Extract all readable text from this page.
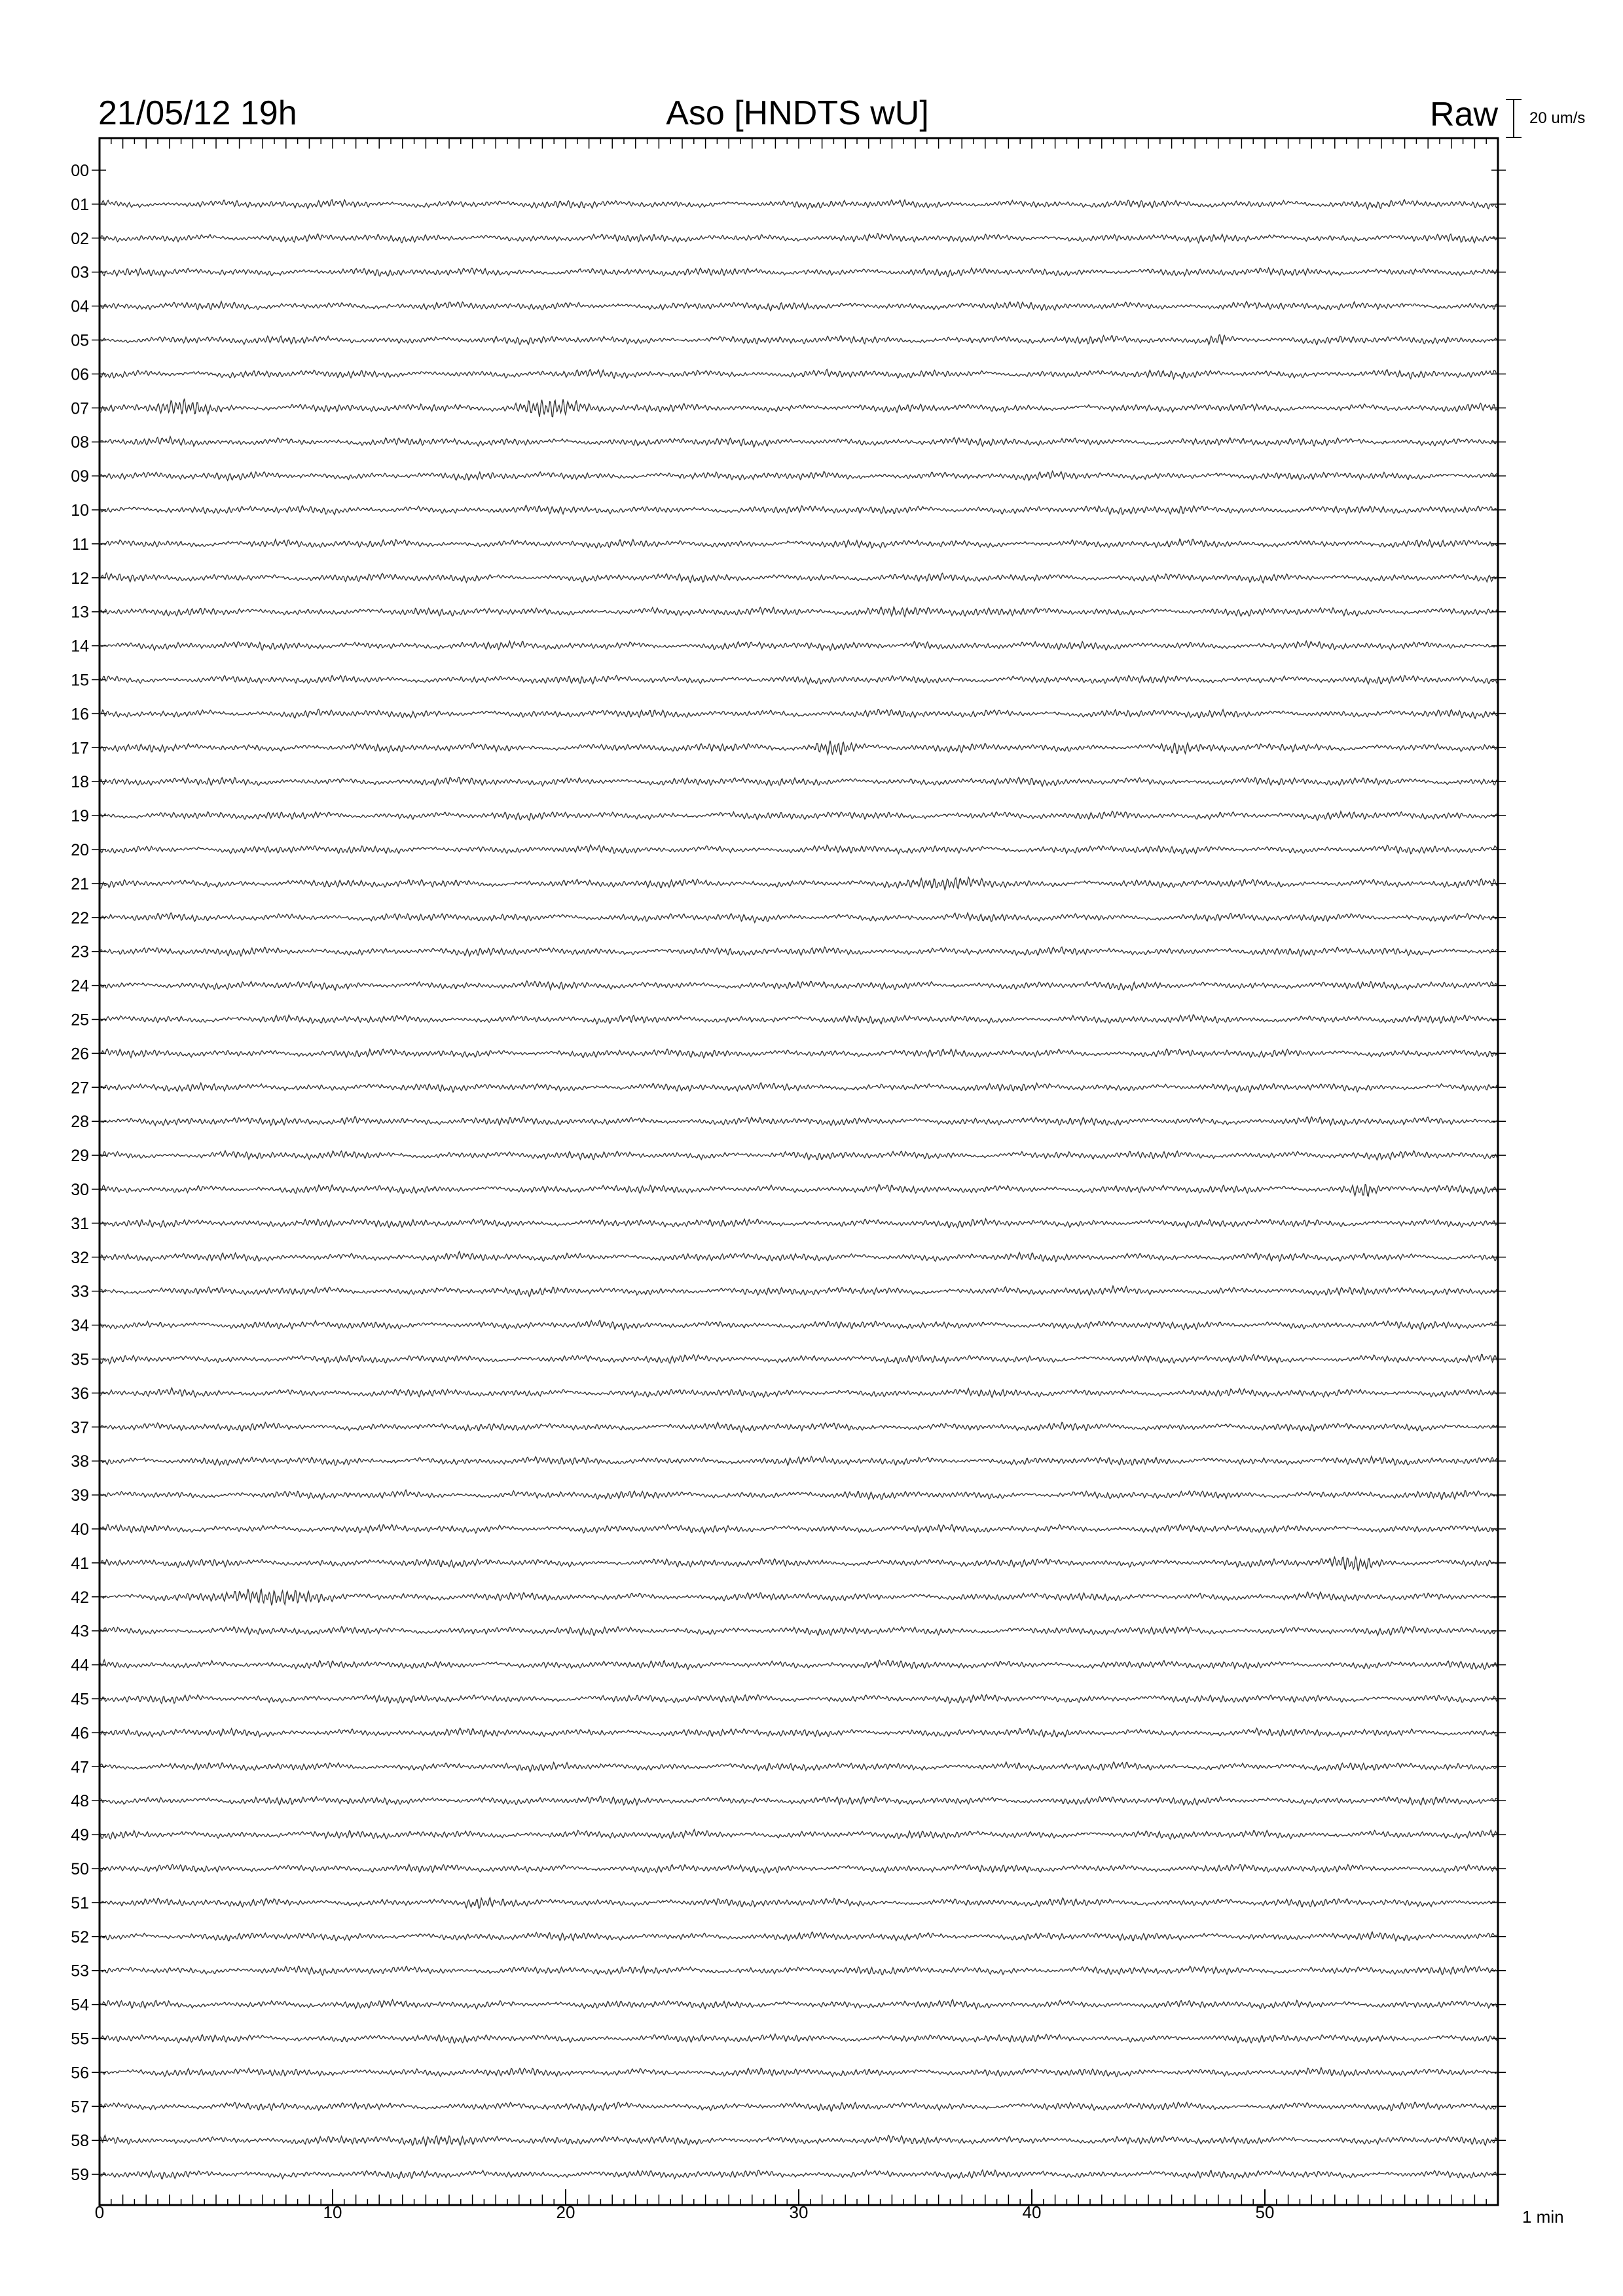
21/05/12 19h	Aso [HNDTS wU]	Raw 20 um/s
00
01
02
03
04
05
06
07
08
09
10
11
12
13
14
15
16
17
18
19
20
21
22
23
24
25
26
27
28
29
30
31
32
33
34
35
36
37
38
39
40
41
42
43
44
45
46
47
48
49
50
51
52
53
54
55
56
57
58
59
0	10	20	30	40	50	1 min
